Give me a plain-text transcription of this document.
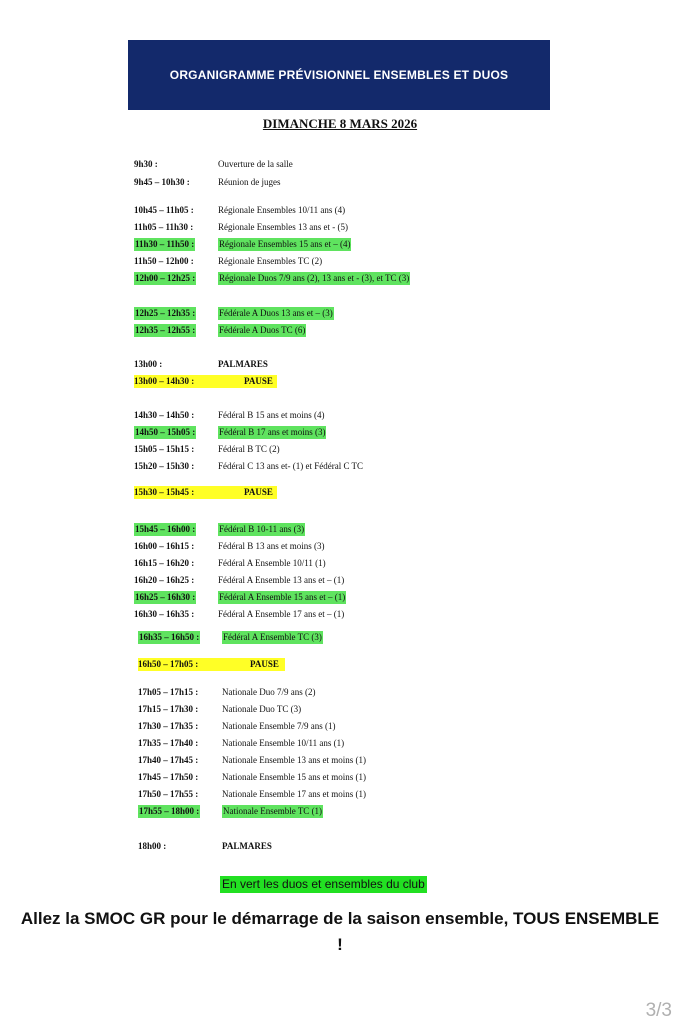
ORGANIGRAMME PRÉVISIONNEL ENSEMBLES ET DUOS
DIMANCHE 8 MARS 2026
9h30 :	Ouverture de la salle
9h45 – 10h30 :	Réunion de juges
10h45 – 11h05 :	Régionale Ensembles 10/11 ans (4)
11h05 – 11h30 :	Régionale Ensembles 13 ans et - (5)
11h30 – 11h50 :	Régionale Ensembles 15 ans et – (4)
11h50 – 12h00 :	Régionale Ensembles TC (2)
12h00 – 12h25 :	Régionale Duos 7/9 ans (2), 13 ans et - (3), et TC (3)
12h25 – 12h35 :	Fédérale A Duos 13 ans et – (3)
12h35 – 12h55 :	Fédérale A Duos TC (6)
13h00 :	PALMARES
13h00 – 14h30 :	PAUSE
14h30 – 14h50 :	Fédéral B 15 ans et moins (4)
14h50 – 15h05 :	Fédéral B 17 ans et moins (3)
15h05 – 15h15 :	Fédéral B TC (2)
15h20 – 15h30 :	Fédéral C 13 ans et- (1) et Fédéral C TC
15h30 – 15h45 :	PAUSE
15h45 – 16h00 :	Fédéral B 10-11 ans (3)
16h00 – 16h15 :	Fédéral B 13 ans et moins (3)
16h15 – 16h20 :	Fédéral A Ensemble 10/11 (1)
16h20 – 16h25 :	Fédéral A Ensemble 13 ans et – (1)
16h25 – 16h30 :	Fédéral A Ensemble 15 ans et – (1)
16h30 – 16h35 :	Fédéral A Ensemble 17 ans et – (1)
16h35 – 16h50 :	Fédéral A Ensemble TC (3)
16h50 – 17h05 :	PAUSE
17h05 – 17h15 :	Nationale Duo 7/9 ans (2)
17h15 – 17h30 :	Nationale Duo TC (3)
17h30 – 17h35 :	Nationale Ensemble 7/9 ans (1)
17h35 – 17h40 :	Nationale Ensemble 10/11 ans (1)
17h40 – 17h45 :	Nationale Ensemble 13 ans et moins (1)
17h45 – 17h50 :	Nationale Ensemble 15 ans et moins (1)
17h50 – 17h55 :	Nationale Ensemble 17 ans et moins (1)
17h55 – 18h00 :	Nationale Ensemble TC (1)
18h00 :	PALMARES
En vert les duos et ensembles du club
Allez la SMOC GR pour le démarrage de la saison ensemble, TOUS ENSEMBLE !
3/3
